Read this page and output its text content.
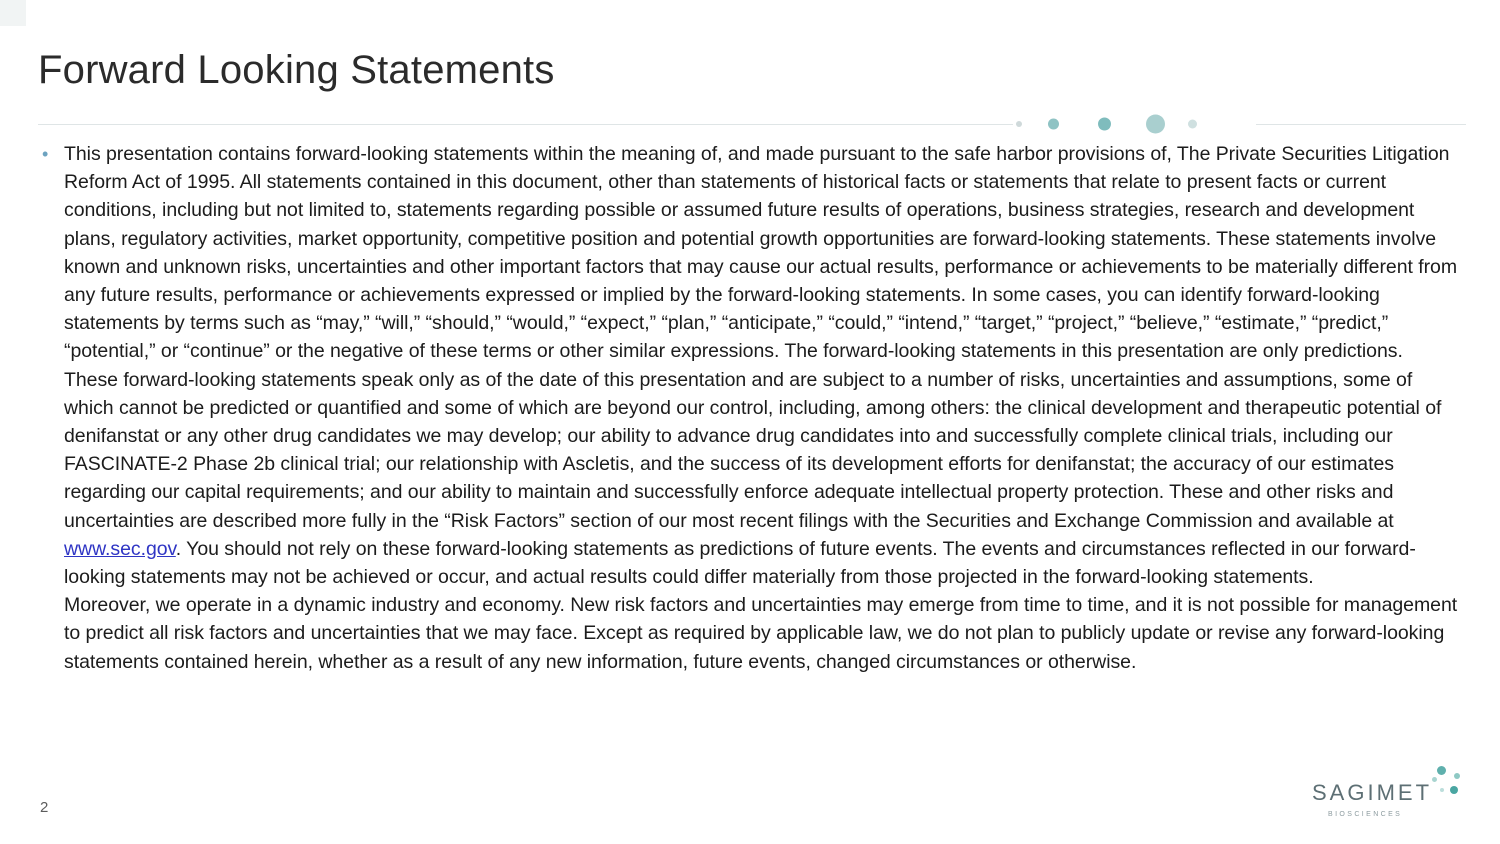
Forward Looking Statements
• This presentation contains forward-looking statements within the meaning of, and made pursuant to the safe harbor provisions of, The Private Securities Litigation Reform Act of 1995. All statements contained in this document, other than statements of historical facts or statements that relate to present facts or current conditions, including but not limited to, statements regarding possible or assumed future results of operations, business strategies, research and development plans, regulatory activities, market opportunity, competitive position and potential growth opportunities are forward-looking statements. These statements involve known and unknown risks, uncertainties and other important factors that may cause our actual results, performance or achievements to be materially different from any future results, performance or achievements expressed or implied by the forward-looking statements. In some cases, you can identify forward-looking statements by terms such as “may,” “will,” “should,” “would,” “expect,” “plan,” “anticipate,” “could,” “intend,” “target,” “project,” “believe,” “estimate,” “predict,” “potential,” or “continue” or the negative of these terms or other similar expressions. The forward-looking statements in this presentation are only predictions. These forward-looking statements speak only as of the date of this presentation and are subject to a number of risks, uncertainties and assumptions, some of which cannot be predicted or quantified and some of which are beyond our control, including, among others: the clinical development and therapeutic potential of denifanstat or any other drug candidates we may develop; our ability to advance drug candidates into and successfully complete clinical trials, including our FASCINATE-2 Phase 2b clinical trial; our relationship with Ascletis, and the success of its development efforts for denifanstat; the accuracy of our estimates regarding our capital requirements; and our ability to maintain and successfully enforce adequate intellectual property protection. These and other risks and uncertainties are described more fully in the “Risk Factors” section of our most recent filings with the Securities and Exchange Commission and available at www.sec.gov. You should not rely on these forward-looking statements as predictions of future events. The events and circumstances reflected in our forward-looking statements may not be achieved or occur, and actual results could differ materially from those projected in the forward-looking statements.

Moreover, we operate in a dynamic industry and economy. New risk factors and uncertainties may emerge from time to time, and it is not possible for management to predict all risk factors and uncertainties that we may face. Except as required by applicable law, we do not plan to publicly update or revise any forward-looking statements contained herein, whether as a result of any new information, future events, changed circumstances or otherwise.

2
SAGIMET
BIOSCIENCES
